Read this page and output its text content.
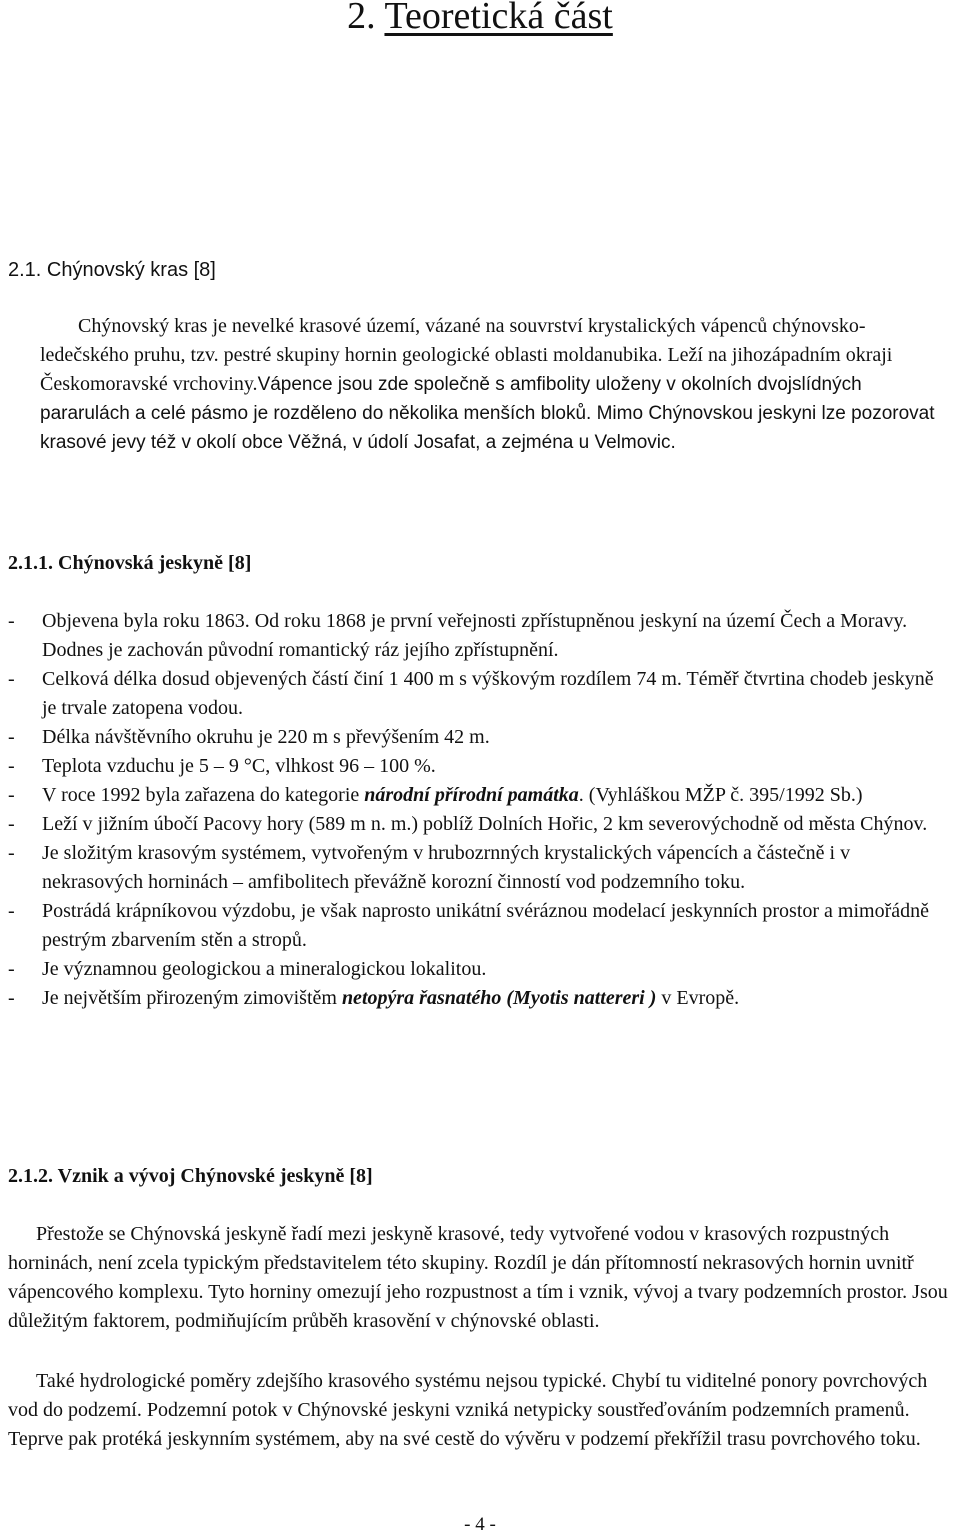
2. Teoretická část
2.1. Chýnovský kras [8]
Chýnovský kras je nevelké krasové území, vázané na souvrství krystalických vápenců chýnovsko-ledečského pruhu, tzv. pestré skupiny hornin geologické oblasti moldanubika. Leží na jihozápadním okraji Českomoravské vrchoviny.Vápence jsou zde společně s amfibolity uloženy v okolních dvojslídných pararulách a celé pásmo je rozděleno do několika menších bloků. Mimo Chýnovskou jeskyni lze pozorovat krasové jevy též v okolí obce Věžná, v údolí Josafat, a zejména u Velmovic.
2.1.1. Chýnovská jeskyně [8]
- Objevena byla roku 1863. Od roku 1868 je první veřejnosti zpřístupněnou jeskyní na území Čech a Moravy. Dodnes je zachován původní romantický ráz jejího zpřístupnění.
- Celková délka dosud objevených částí činí 1 400 m s výškovým rozdílem 74 m. Téměř čtvrtina chodeb jeskyně je trvale zatopena vodou.
- Délka návštěvního okruhu je 220 m s převýšením 42 m.
- Teplota vzduchu je 5 – 9 °C, vlhkost 96 – 100 %.
- V roce 1992 byla zařazena do kategorie národní přírodní památka. (Vyhláškou MŽP č. 395/1992 Sb.)
- Leží v jižním úbočí Pacovy hory (589 m n. m.) poblíž Dolních Hořic, 2 km severovýchodně od města Chýnov.
- Je složitým krasovým systémem, vytvořeným v hrubozrnných krystalických vápencích a částečně i v nekrasových horninách – amfibolitech převážně korozní činností vod podzemního toku.
- Postrádá krápníkovou výzdobu, je však naprosto unikátní svéráznou modelací jeskynních prostor a mimořádně pestrým zbarvením stěn a stropů.
- Je významnou geologickou a mineralogickou lokalitou.
- Je největším přirozeným zimovištěm netopýra řasnatého (Myotis nattereri ) v Evropě.
2.1.2. Vznik a vývoj Chýnovské jeskyně [8]
Přestože se Chýnovská jeskyně řadí mezi jeskyně krasové, tedy vytvořené vodou v krasových rozpustných horninách, není zcela typickým představitelem této skupiny. Rozdíl je dán přítomností nekrasových hornin uvnitř vápencového komplexu. Tyto horniny omezují jeho rozpustnost a tím i vznik, vývoj a tvary podzemních prostor. Jsou důležitým faktorem, podmiňujícím průběh krasovění v chýnovské oblasti.
Také hydrologické poměry zdejšího krasového systému nejsou typické. Chybí tu viditelné ponory povrchových vod do podzemí. Podzemní potok v Chýnovské jeskyni vzniká netypicky soustřeďováním podzemních pramenů. Teprve pak protéká jeskynním systémem, aby na své cestě do vývěru v podzemí překřížil trasu povrchového toku.
- 4 -
